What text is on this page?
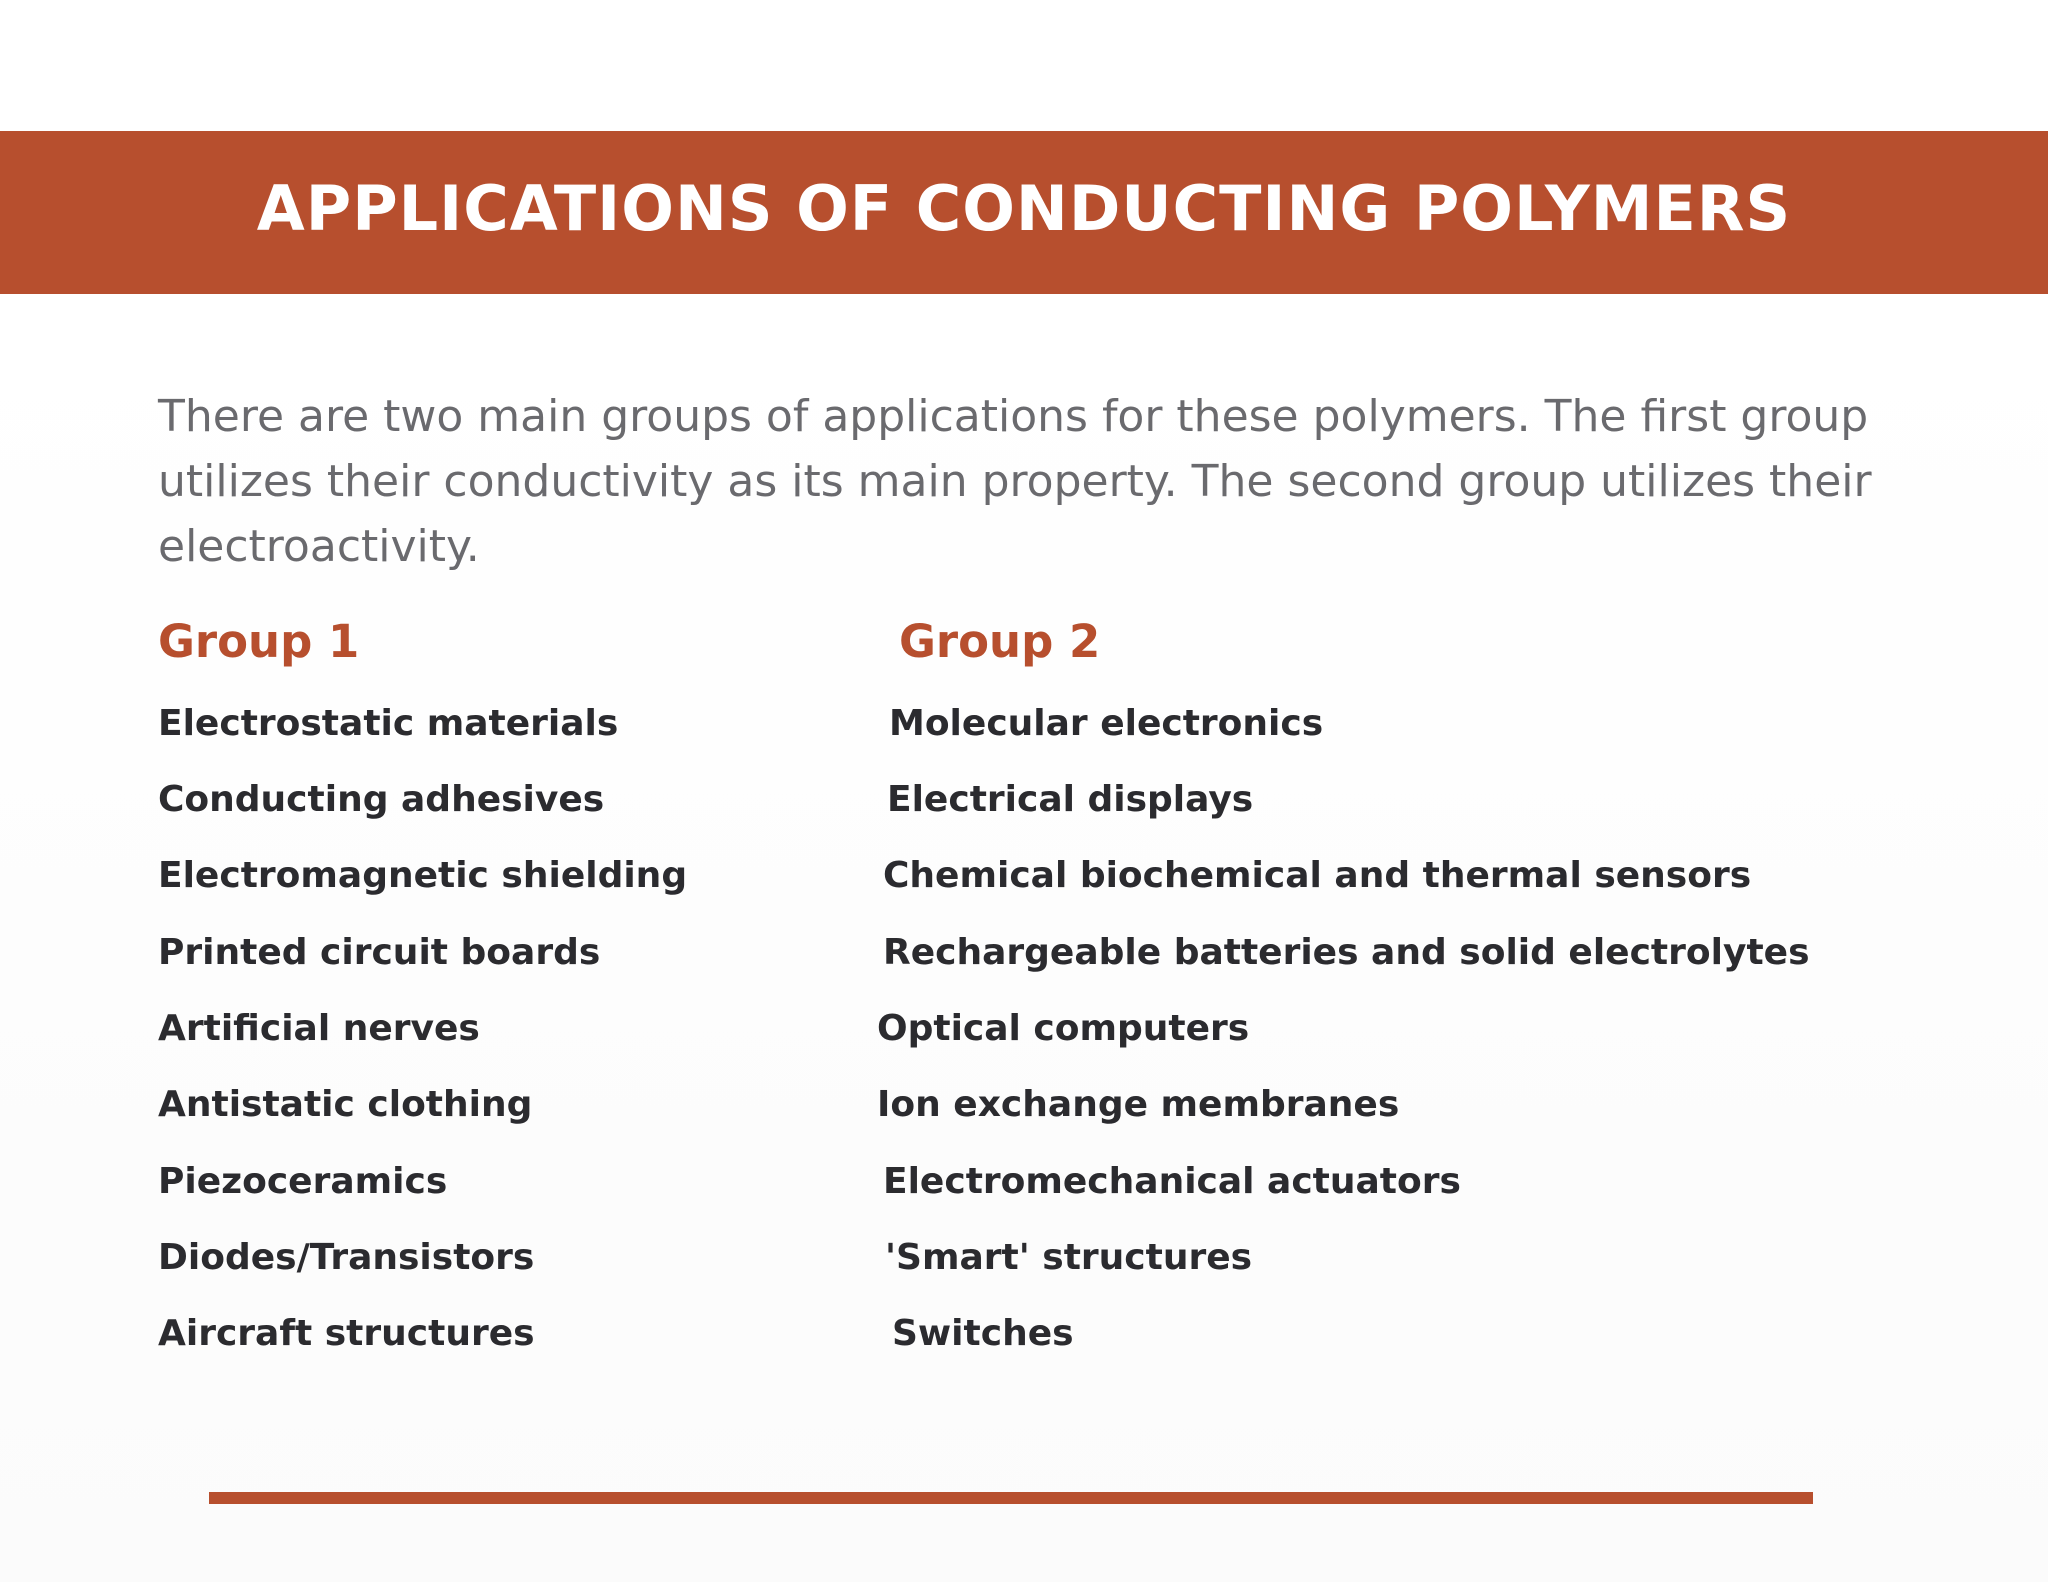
APPLICATIONS OF CONDUCTING POLYMERS

There are two main groups of applications for these polymers. The first group utilizes their conductivity as its main property. The second group utilizes their electroactivity.

Group 1	Group 2
Electrostatic materials
Conducting adhesives
Electromagnetic shielding
Printed circuit boards
Artificial nerves
Antistatic clothing
Piezoceramics
Diodes/Transistors
Aircraft structures
Molecular electronics
Electrical displays
Chemical biochemical and thermal sensors
Rechargeable batteries and solid electrolytes
Optical computers
Ion exchange membranes
Electromechanical actuators
'Smart' structures
Switches
